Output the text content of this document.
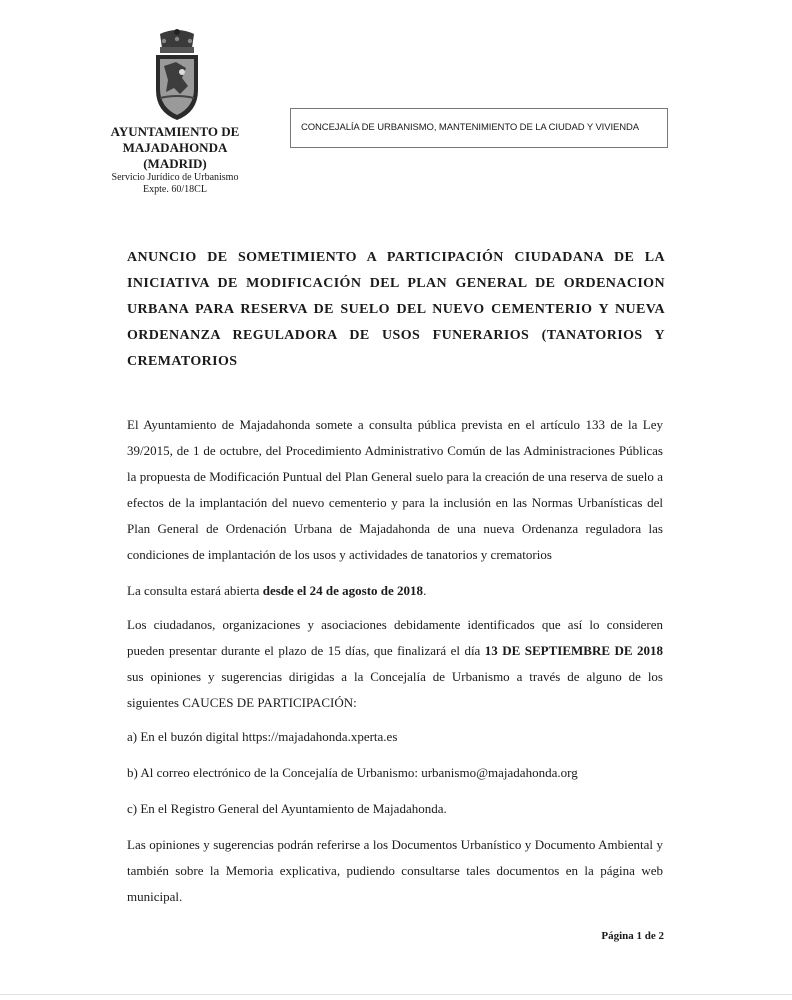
AYUNTAMIENTO DE
MAJADAHONDA
(MADRID)
Servicio Jurídico de Urbanismo
Expte. 60/18CL
CONCEJALÍA DE URBANISMO, MANTENIMIENTO DE LA CIUDAD Y VIVIENDA
ANUNCIO DE SOMETIMIENTO A PARTICIPACIÓN CIUDADANA DE LA
INICIATIVA DE MODIFICACIÓN DEL PLAN GENERAL DE ORDENACION
URBANA PARA RESERVA DE SUELO DEL NUEVO CEMENTERIO Y NUEVA
ORDENANZA REGULADORA DE USOS FUNERARIOS (TANATORIOS Y
CREMATORIOS

El Ayuntamiento de Majadahonda somete a consulta pública prevista en el artículo 133 de la Ley 39/2015, de 1 de octubre, del Procedimiento Administrativo Común de las Administraciones Públicas la propuesta de Modificación Puntual del Plan General suelo para la creación de una reserva de suelo a efectos de la implantación del nuevo cementerio y para la inclusión en las Normas Urbanísticas del Plan General de Ordenación Urbana de Majadahonda de una nueva Ordenanza reguladora las condiciones de implantación de los usos y actividades de tanatorios y crematorios

La consulta estará abierta desde el 24 de agosto de 2018.

Los ciudadanos, organizaciones y asociaciones debidamente identificados que así lo consideren pueden presentar durante el plazo de 15 días, que finalizará el día 13 DE SEPTIEMBRE DE 2018 sus opiniones y sugerencias dirigidas a la Concejalía de Urbanismo a través de alguno de los siguientes CAUCES DE PARTICIPACIÓN:

a) En el buzón digital https://majadahonda.xperta.es

b) Al correo electrónico de la Concejalía de Urbanismo: urbanismo@majadahonda.org

c) En el Registro General del Ayuntamiento de Majadahonda.

Las opiniones y sugerencias podrán referirse a los Documentos Urbanístico y Documento Ambiental y también sobre la Memoria explicativa, pudiendo consultarse tales documentos en la página web municipal.

Página 1 de 2
